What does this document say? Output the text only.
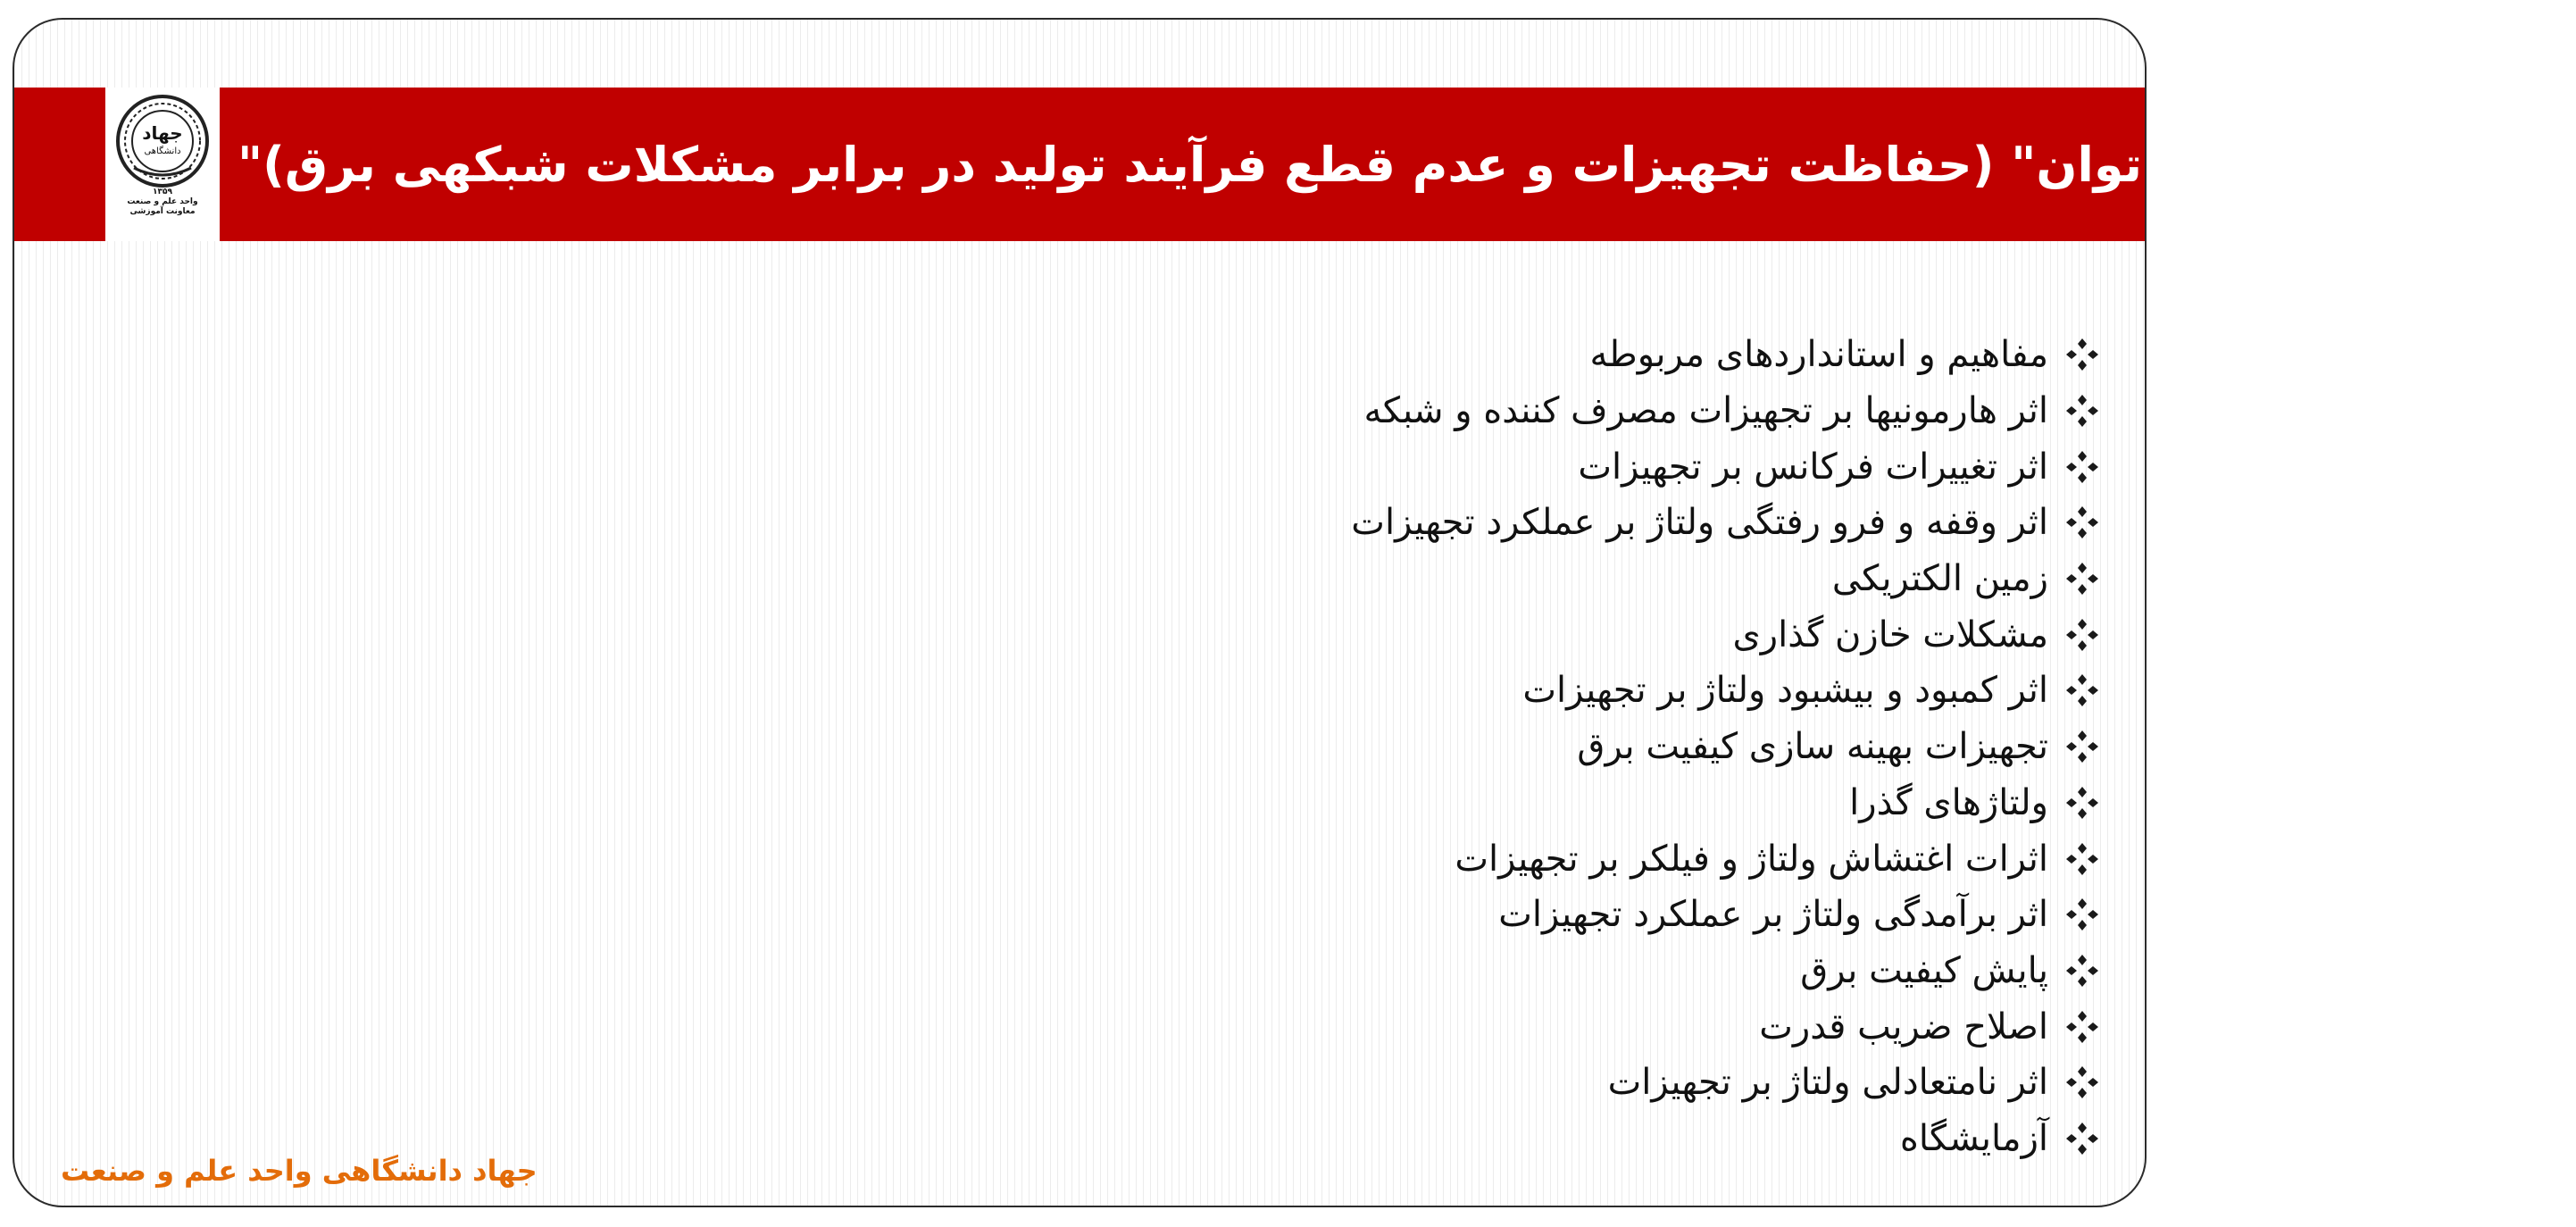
جهاد
دانشگاهی
۱۳۵۹
واحد علم و صنعت
معاونت آموزشی
"آشنایی با کیفیت توان" (حفاظت تجهیزات و عدم قطع فرآیند تولید در برابر مشکلات شبکهی برق)"
مفاهیم و استانداردهای مربوطه
اثر هارمونیها بر تجهیزات مصرف کننده و شبکه
اثر تغییرات فرکانس بر تجهیزات
اثر وقفه و فرو رفتگی ولتاژ بر عملکرد تجهیزات
زمین الکتریکی
مشکلات خازن گذاری
اثر کمبود و بیشبود ولتاژ بر تجهیزات
تجهیزات بهینه سازی کیفیت برق
ولتاژهای گذرا
اثرات اغتشاش ولتاژ و فیلکر بر تجهیزات
اثر برآمدگی ولتاژ بر عملکرد تجهیزات
پایش کیفیت برق
اصلاح ضریب قدرت
اثر نامتعادلی ولتاژ بر تجهیزات
آزمایشگاه
جهاد دانشگاهی واحد علم و صنعت
